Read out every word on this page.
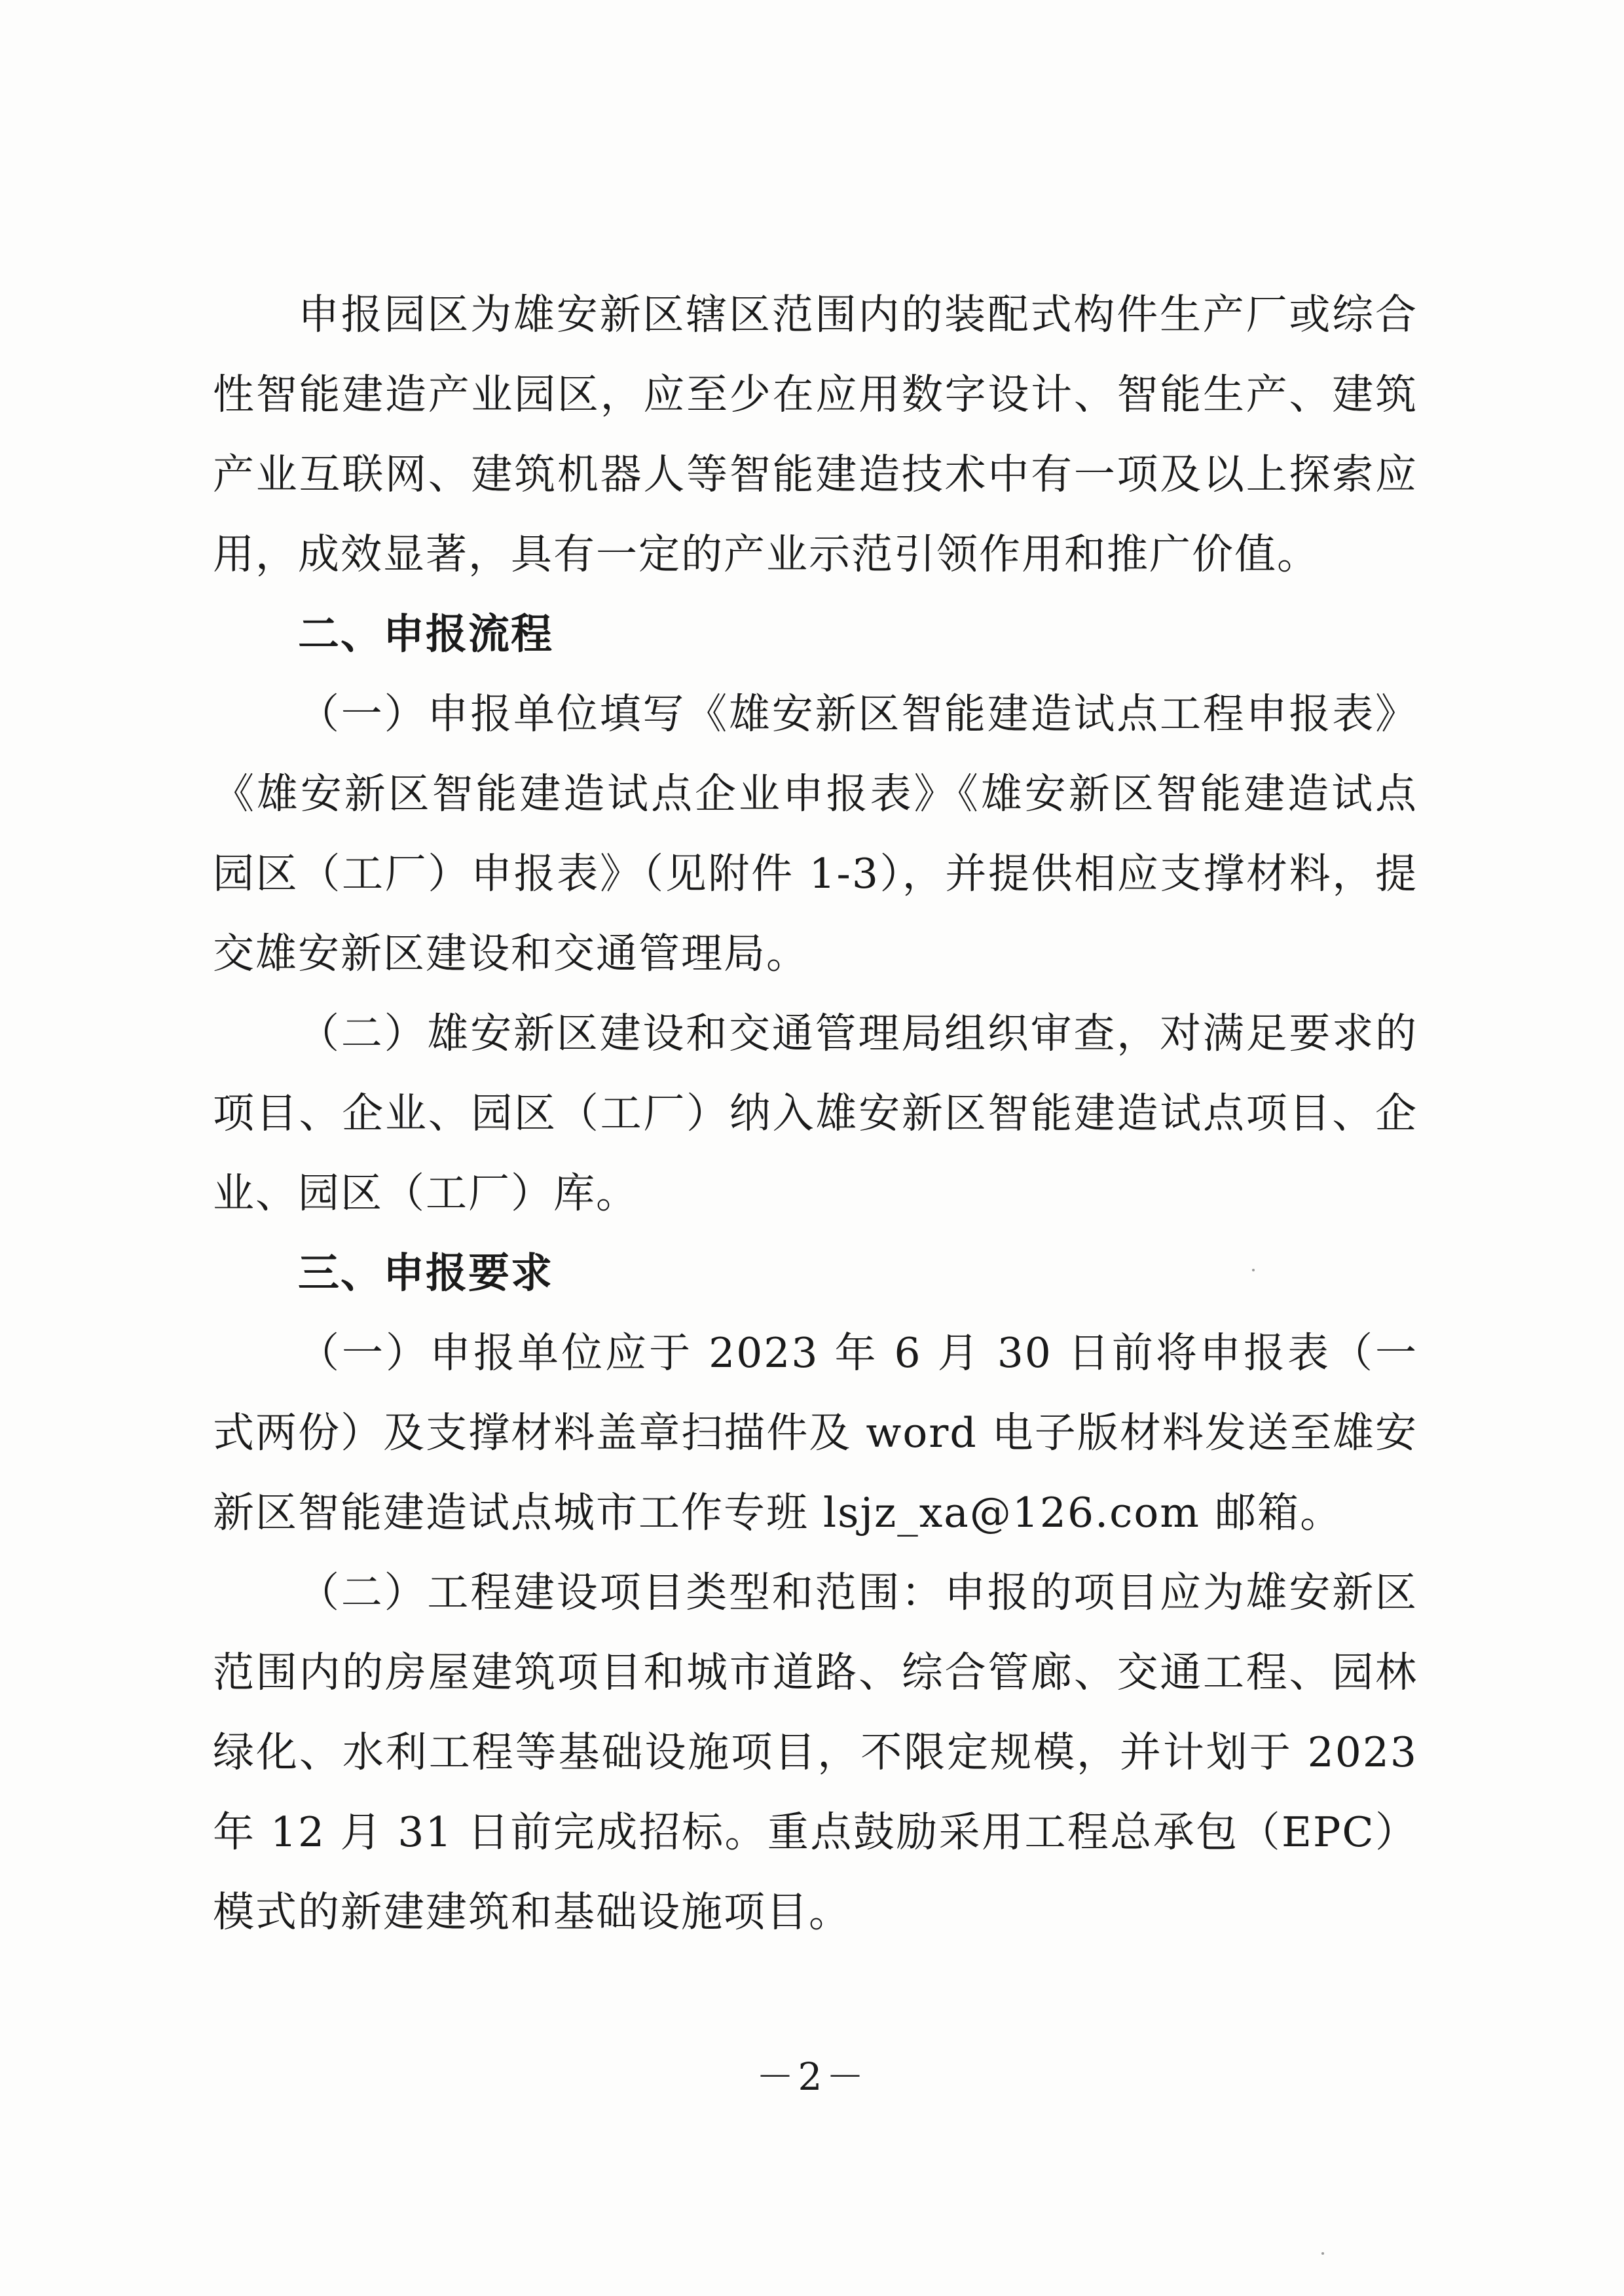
申报园区为雄安新区辖区范围内的装配式构件生产厂或综合性智能建造产业园区，应至少在应用数字设计、智能生产、建筑产业互联网、建筑机器人等智能建造技术中有一项及以上探索应用，成效显著，具有一定的产业示范引领作用和推广价值。

二、申报流程

（一）申报单位填写《雄安新区智能建造试点工程申报表》《雄安新区智能建造试点企业申报表》《雄安新区智能建造试点园区（工厂）申报表》（见附件 1-3），并提供相应支撑材料，提交雄安新区建设和交通管理局。

（二）雄安新区建设和交通管理局组织审查，对满足要求的项目、企业、园区（工厂）纳入雄安新区智能建造试点项目、企业、园区（工厂）库。

三、申报要求

（一）申报单位应于 2023 年 6 月 30 日前将申报表（一式两份）及支撑材料盖章扫描件及 word 电子版材料发送至雄安新区智能建造试点城市工作专班 lsjz_xa@126.com 邮箱。

（二）工程建设项目类型和范围：申报的项目应为雄安新区范围内的房屋建筑项目和城市道路、综合管廊、交通工程、园林绿化、水利工程等基础设施项目，不限定规模，并计划于 2023 年 12 月 31 日前完成招标。重点鼓励采用工程总承包（EPC）模式的新建建筑和基础设施项目。

－2－
